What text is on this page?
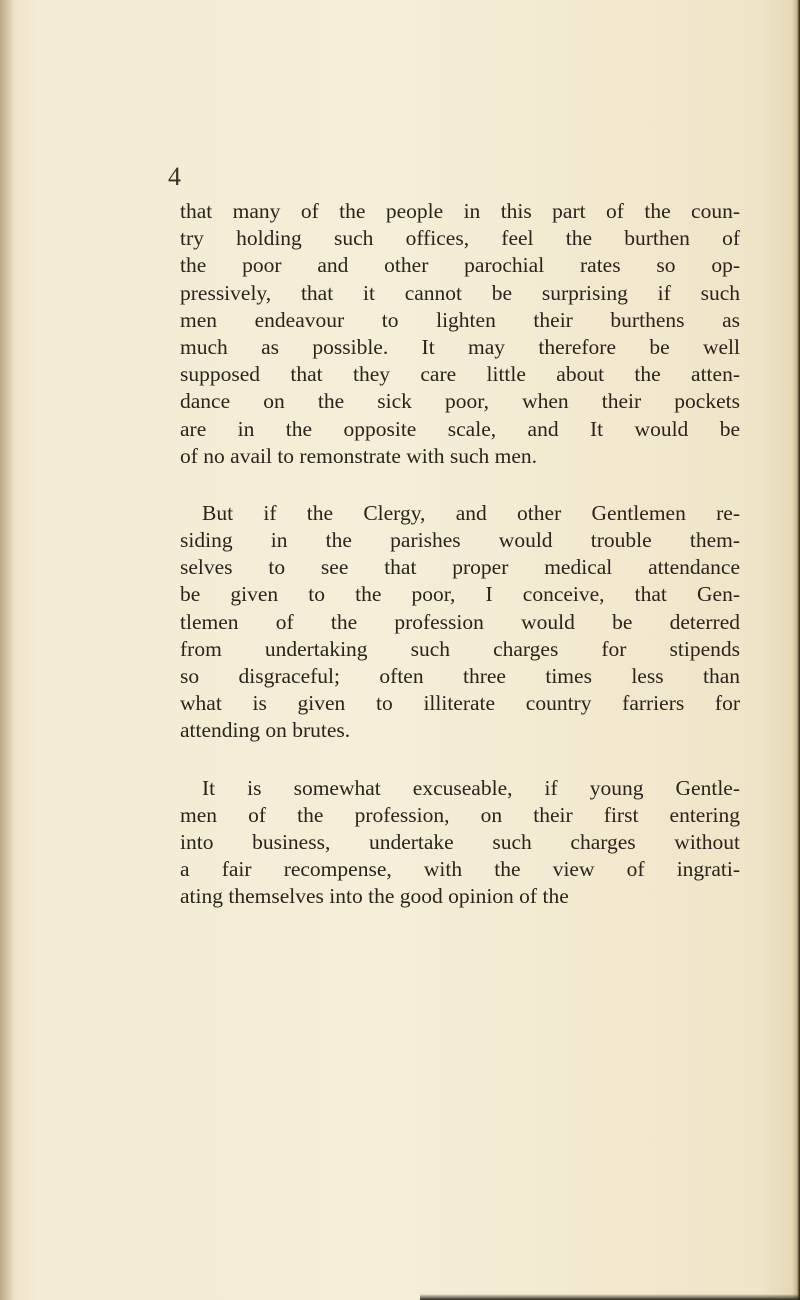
4
that many of the people in this part of the coun-
try holding such offices, feel the burthen of
the poor and other parochial rates so op-
pressively, that it cannot be surprising if such
men endeavour to lighten their burthens as
much as possible. It may therefore be well
supposed that they care little about the atten-
dance on the sick poor, when their pockets
are in the opposite scale, and It would be
of no avail to remonstrate with such men.
But if the Clergy, and other Gentlemen re-
siding in the parishes would trouble them-
selves to see that proper medical attendance
be given to the poor, I conceive, that Gen-
tlemen of the profession would be deterred
from undertaking such charges for stipends
so disgraceful; often three times less than
what is given to illiterate country farriers for
attending on brutes.
It is somewhat excuseable, if young Gentle-
men of the profession, on their first entering
into business, undertake such charges without
a fair recompense, with the view of ingrati-
ating themselves into the good opinion of the
